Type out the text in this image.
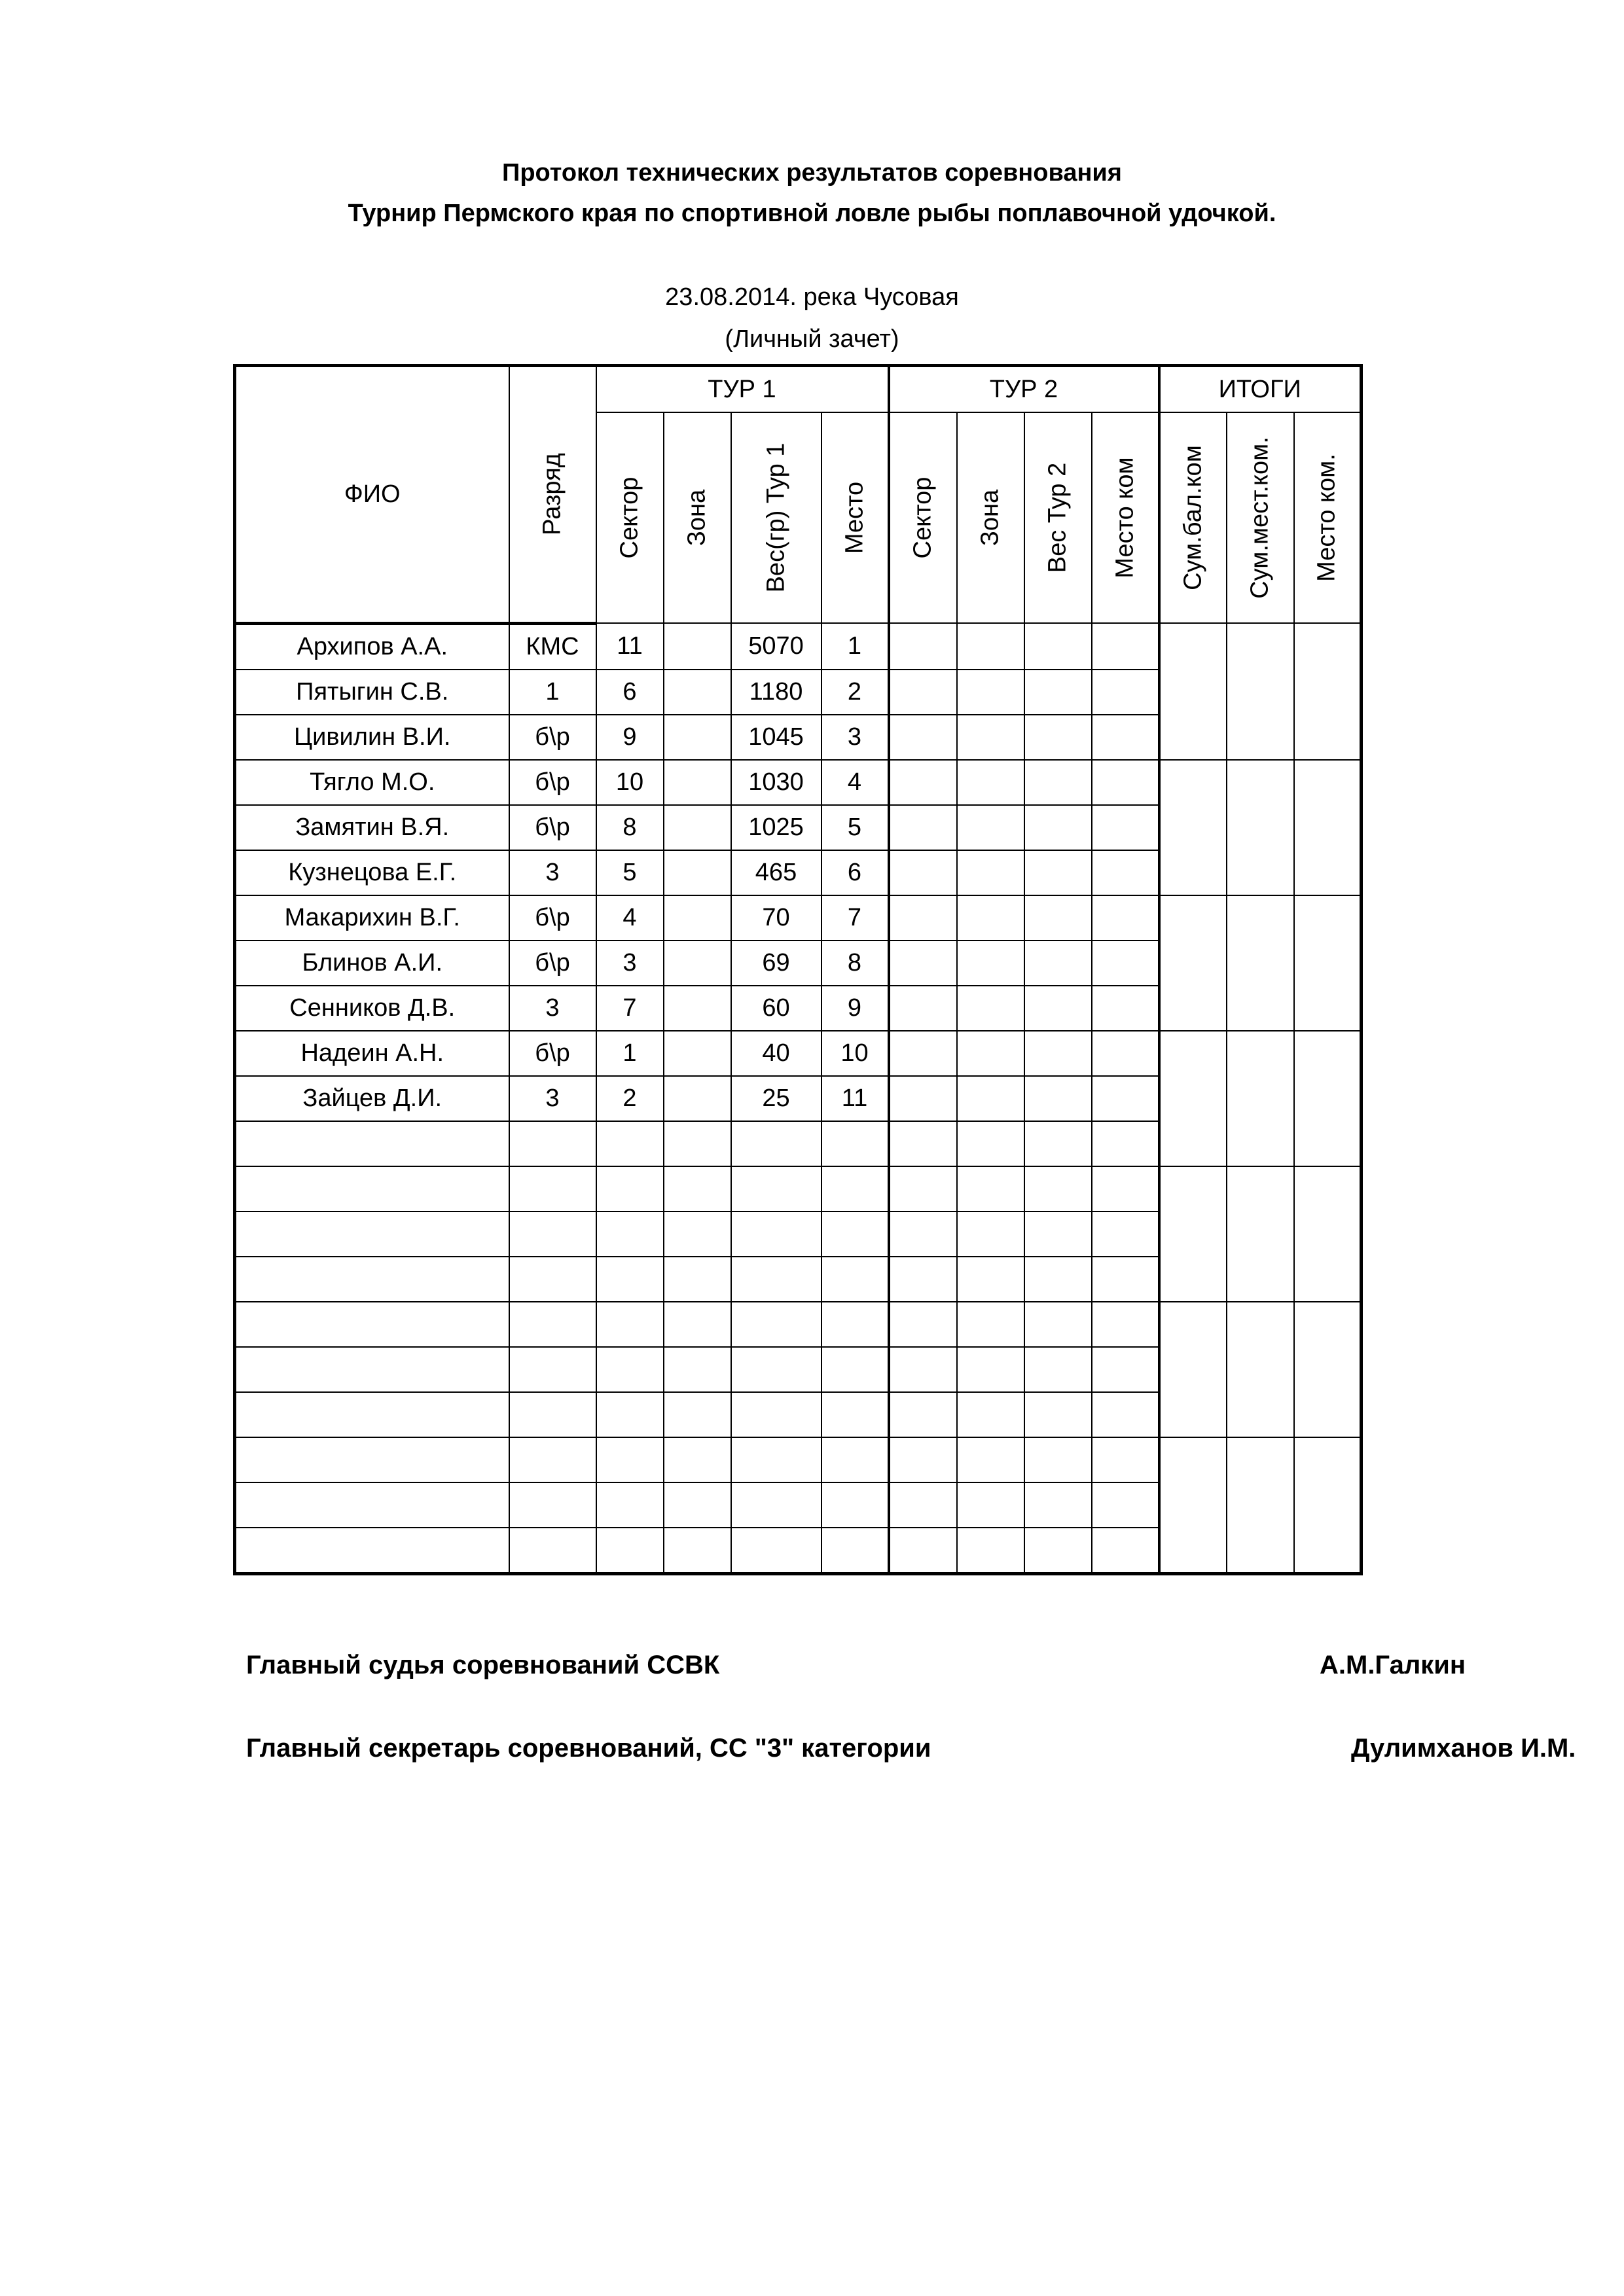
Протокол технических результатов соревнования
Турнир Пермского края по спортивной ловле рыбы поплавочной удочкой.
23.08.2014. река Чусовая
(Личный зачет)
ФИО	Разряд	ТУР 1				ТУР 2				ИТОГИ		

		Сектор	Зона	Вес(гр) Тур 1	Место	Сектор	Зона	Вес Тур 2	Место ком	Сум.бал.ком	Сум.мест.ком.	Место ком.

Архипов А.А.	КМС	11		5070	1							
Пятыгин С.В.	1	6		1180	2							
Цивилин В.И.	б\р	9		1045	3							
Тягло М.О.	б\р	10		1030	4							
Замятин В.Я.	б\р	8		1025	5							
Кузнецова Е.Г.	3	5		465	6							
Макарихин В.Г.	б\р	4		70	7							
Блинов А.И.	б\р	3		69	8							
Сенников Д.В.	3	7		60	9							
Надеин А.Н.	б\р	1		40	10							
Зайцев Д.И.	3	2		25	11							

Главный судья соревнований ССВК	А.М.Галкин
Главный секретарь соревнований, СС "3" категории	Дулимханов И.М.
